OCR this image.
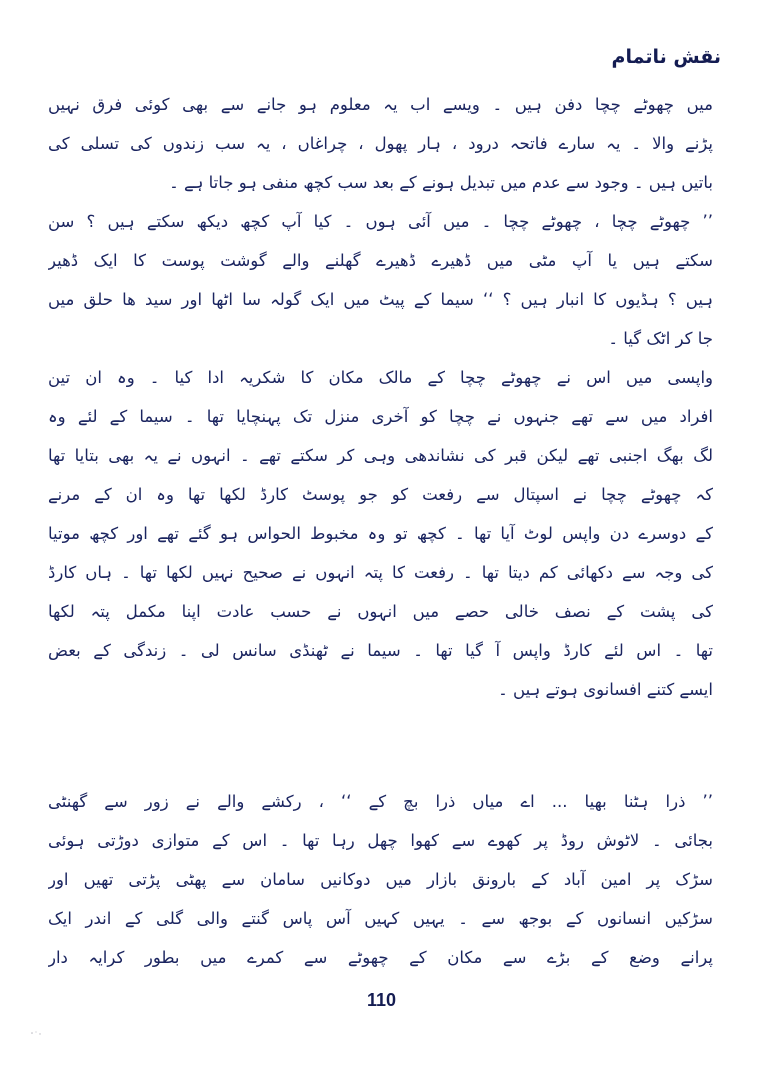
نقش ناتمام
میں چھوٹے چچا دفن ہیں ۔ ویسے اب یہ معلوم ہو جانے سے بھی کوئی فرق نہیں
پڑنے والا ۔ یہ سارے فاتحہ درود ، ہار پھول ، چراغاں ، یہ سب زندوں کی تسلی کی
باتیں ہیں ۔ وجود سے عدم میں تبدیل ہونے کے بعد سب کچھ منفی ہو جاتا ہے ۔
’’ چھوٹے چچا ، چھوٹے چچا ۔ میں آئی ہوں ۔ کیا آپ کچھ دیکھ سکتے ہیں ؟ سن
سکتے ہیں یا آپ مٹی میں ڈھیرے ڈھیرے گھلنے والے گوشت پوست کا ایک ڈھیر
ہیں ؟ ہڈیوں کا انبار ہیں ؟ ‘‘ سیما کے پیٹ میں ایک گولہ سا اٹھا اور سید ھا حلق میں
جا کر اٹک گیا ۔
واپسی میں اس نے چھوٹے چچا کے مالک مکان کا شکریہ ادا کیا ۔ وہ ان تین
افراد میں سے تھے جنہوں نے چچا کو آخری منزل تک پہنچایا تھا ۔ سیما کے لئے وہ
لگ بھگ اجنبی تھے لیکن قبر کی نشاندھی وہی کر سکتے تھے ۔ انہوں نے یہ بھی بتایا تھا
کہ چھوٹے چچا نے اسپتال سے رفعت کو جو پوسٹ کارڈ لکھا تھا وہ ان کے مرنے
کے دوسرے دن واپس لوٹ آیا تھا ۔ کچھ تو وہ مخبوط الحواس ہو گئے تھے اور کچھ موتیا
کی وجہ سے دکھائی کم دیتا تھا ۔ رفعت کا پتہ انہوں نے صحیح نہیں لکھا تھا ۔ ہاں کارڈ
کی پشت کے نصف خالی حصے میں انہوں نے حسب عادت اپنا مکمل پتہ لکھا
تھا ۔ اس لئے کارڈ واپس آ گیا تھا ۔ سیما نے ٹھنڈی سانس لی ۔ زندگی کے بعض
ایسے کتنے افسانوی ہوتے ہیں ۔
’’ ذرا ہٹنا بھیا ... اے میاں ذرا بچ کے ‘‘ ، رکشے والے نے زور سے گھنٹی
بجائی ۔ لاٹوش روڈ پر کھوے سے کھوا چھل رہا تھا ۔ اس کے متوازی دوڑتی ہوئی
سڑک پر امین آباد کے بارونق بازار میں دوکانیں سامان سے پھٹی پڑتی تھیں اور
سڑکیں انسانوں کے بوجھ سے ۔ یہیں کہیں آس پاس گنتے والی گلی کے اندر ایک
پرانے وضع کے بڑے سے مکان کے چھوٹے سے کمرے میں بطور کرایہ دار
110
